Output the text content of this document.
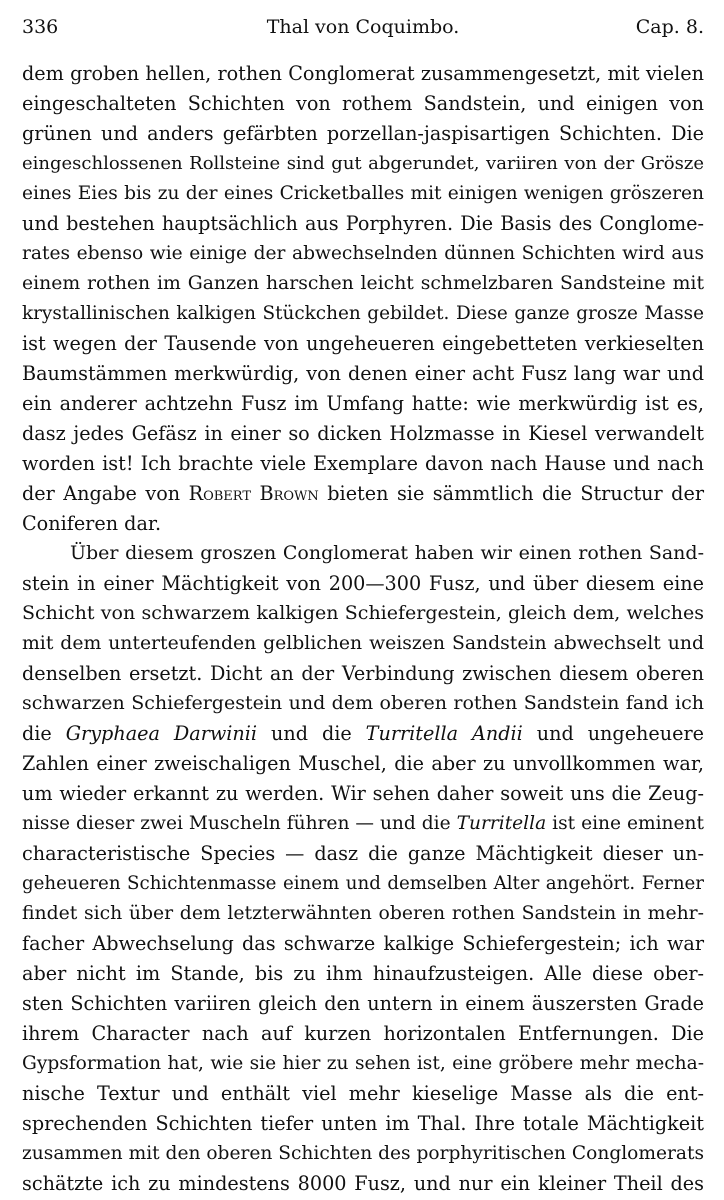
336	Thal von Coquimbo.	Cap. 8.
dem groben hellen, rothen Conglomerat zusammengesetzt, mit vielen
eingeschalteten Schichten von rothem Sandstein, und einigen von
grünen und anders gefärbten porzellan-jaspisartigen Schichten. Die
eingeschlossenen Rollsteine sind gut abgerundet, variiren von der Grösze
eines Eies bis zu der eines Cricketballes mit einigen wenigen gröszeren
und bestehen hauptsächlich aus Porphyren. Die Basis des Conglome-
rates ebenso wie einige der abwechselnden dünnen Schichten wird aus
einem rothen im Ganzen harschen leicht schmelzbaren Sandsteine mit
krystallinischen kalkigen Stückchen gebildet. Diese ganze grosze Masse
ist wegen der Tausende von ungeheueren eingebetteten verkieselten
Baumstämmen merkwürdig, von denen einer acht Fusz lang war und
ein anderer achtzehn Fusz im Umfang hatte: wie merkwürdig ist es,
dasz jedes Gefäsz in einer so dicken Holzmasse in Kiesel verwandelt
worden ist! Ich brachte viele Exemplare davon nach Hause und nach
der Angabe von Robert Brown bieten sie sämmtlich die Structur der
Coniferen dar.
Über diesem groszen Conglomerat haben wir einen rothen Sand-
stein in einer Mächtigkeit von 200—300 Fusz, und über diesem eine
Schicht von schwarzem kalkigen Schiefergestein, gleich dem, welches
mit dem unterteufenden gelblichen weiszen Sandstein abwechselt und
denselben ersetzt. Dicht an der Verbindung zwischen diesem oberen
schwarzen Schiefergestein und dem oberen rothen Sandstein fand ich
die Gryphaea Darwinii und die Turritella Andii und ungeheuere
Zahlen einer zweischaligen Muschel, die aber zu unvollkommen war,
um wieder erkannt zu werden. Wir sehen daher soweit uns die Zeug-
nisse dieser zwei Muscheln führen — und die Turritella ist eine eminent
characteristische Species — dasz die ganze Mächtigkeit dieser un-
geheueren Schichtenmasse einem und demselben Alter angehört. Ferner
findet sich über dem letzterwähnten oberen rothen Sandstein in mehr-
facher Abwechselung das schwarze kalkige Schiefergestein; ich war
aber nicht im Stande, bis zu ihm hinaufzusteigen. Alle diese ober-
sten Schichten variiren gleich den untern in einem äuszersten Grade
ihrem Character nach auf kurzen horizontalen Entfernungen. Die
Gypsformation hat, wie sie hier zu sehen ist, eine gröbere mehr mecha-
nische Textur und enthält viel mehr kieselige Masse als die ent-
sprechenden Schichten tiefer unten im Thal. Ihre totale Mächtigkeit
zusammen mit den oberen Schichten des porphyritischen Conglomerats
schätzte ich zu mindestens 8000 Fusz, und nur ein kleiner Theil des
